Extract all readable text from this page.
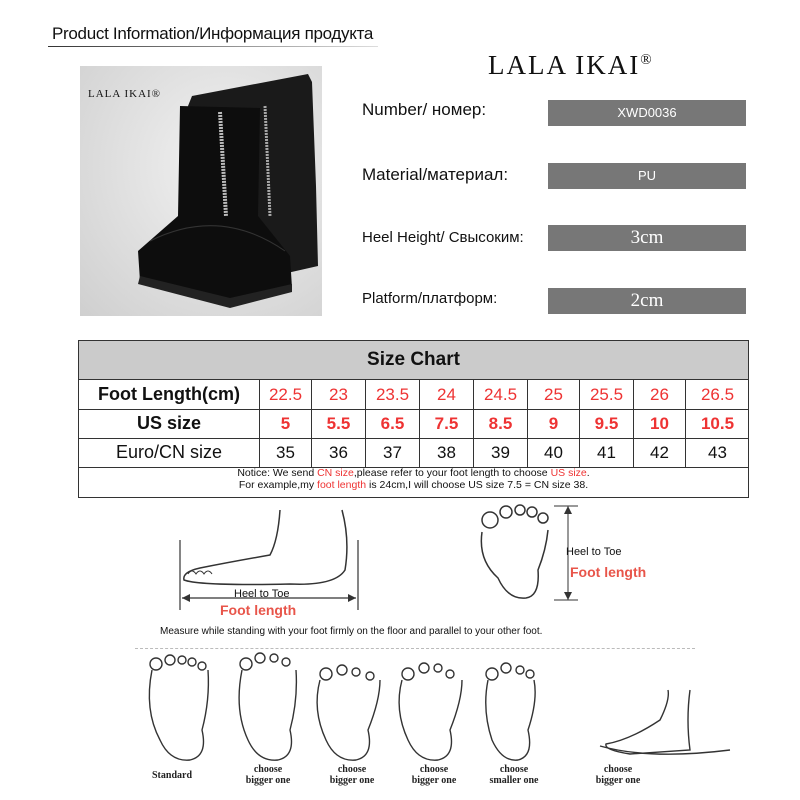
Product Information/Информация продукта
LALA IKAI®
LALA IKAI®
Number/ номер:	XWD0036
Material/материал:	PU
Heel Height/ Свысоким:	3cm
Platform/платформ:	2cm
Size Chart
Foot Length(cm)	22.5	23	23.5	24	24.5	25	25.5	26	26.5
US size	5	5.5	6.5	7.5	8.5	9	9.5	10	10.5
Euro/CN size	35	36	37	38	39	40	41	42	43
Notice: We send CN size,please refer to your foot length to choose US size.
For example,my foot length is 24cm,I will choose US size 7.5 = CN size 38.
Heel to Toe
Foot length
Heel to Toe
Foot length
Measure while standing with your foot firmly on the floor and parallel to your other foot.
Standard
choose
bigger one
choose
bigger one
choose
bigger one
choose
smaller one
choose
bigger one
